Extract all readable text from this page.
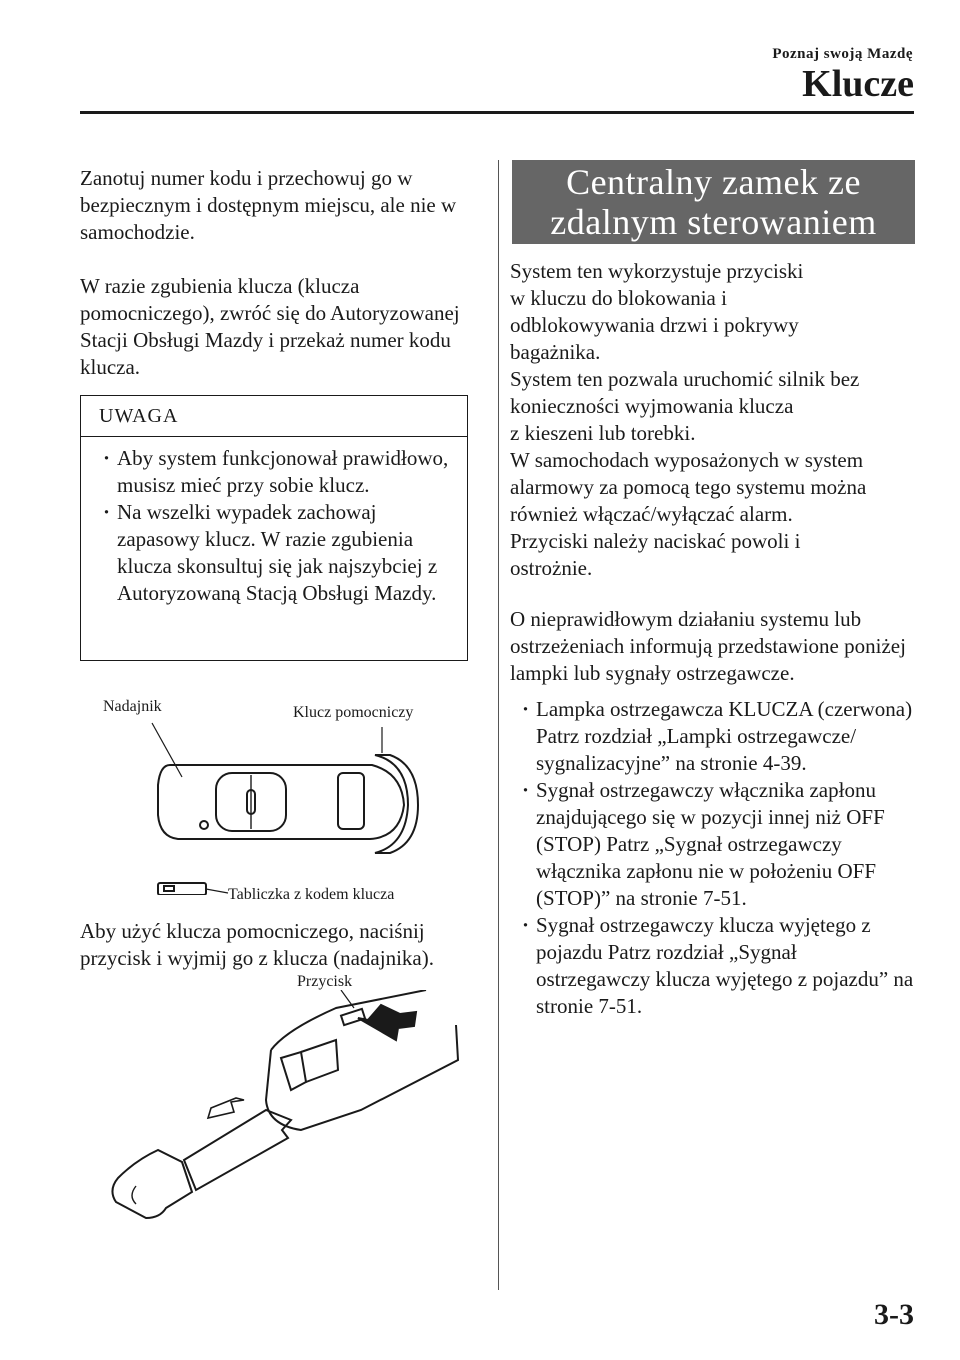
Poznaj swoją Mazdę
Klucze

Zanotuj numer kodu i przechowuj go w bezpiecznym i dostępnym miejscu, ale nie w samochodzie.

W razie zgubienia klucza (klucza pomocniczego), zwróć się do Autoryzowanej Stacji Obsługi Mazdy i przekaż numer kodu klucza.

UWAGA
· Aby system funkcjonował prawidłowo, musisz mieć przy sobie klucz.
· Na wszelki wypadek zachowaj zapasowy klucz. W razie zgubienia klucza skonsultuj się jak najszybciej z Autoryzowaną Stacją Obsługi Mazdy.
Nadajnik	Klucz pomocniczy
Tabliczka z kodem klucza

Aby użyć klucza pomocniczego, naciśnij przycisk i wyjmij go z klucza (nadajnika).

Przycisk
Centralny zamek ze
zdalnym sterowaniem
System ten wykorzystuje przyciski
w kluczu do blokowania i
odblokowywania drzwi i pokrywy
bagażnika.
System ten pozwala uruchomić silnik bez
konieczności wyjmowania klucza
z kieszeni lub torebki.
W samochodach wyposażonych w system
alarmowy za pomocą tego systemu można
również włączać/wyłączać alarm.
Przyciski należy naciskać powoli i
ostrożnie.

O nieprawidłowym działaniu systemu lub ostrzeżeniach informują przedstawione poniżej lampki lub sygnały ostrzegawcze.

· Lampka ostrzegawcza KLUCZA (czerwona) Patrz rozdział „Lampki ostrzegawcze/ sygnalizacyjne” na stronie 4-39.
· Sygnał ostrzegawczy włącznika zapłonu znajdującego się w pozycji innej niż OFF (STOP) Patrz „Sygnał ostrzegawczy włącznika zapłonu nie w położeniu OFF (STOP)” na stronie 7-51.
· Sygnał ostrzegawczy klucza wyjętego z pojazdu Patrz rozdział „Sygnał ostrzegawczy klucza wyjętego z pojazdu” na stronie 7-51.
3-3
